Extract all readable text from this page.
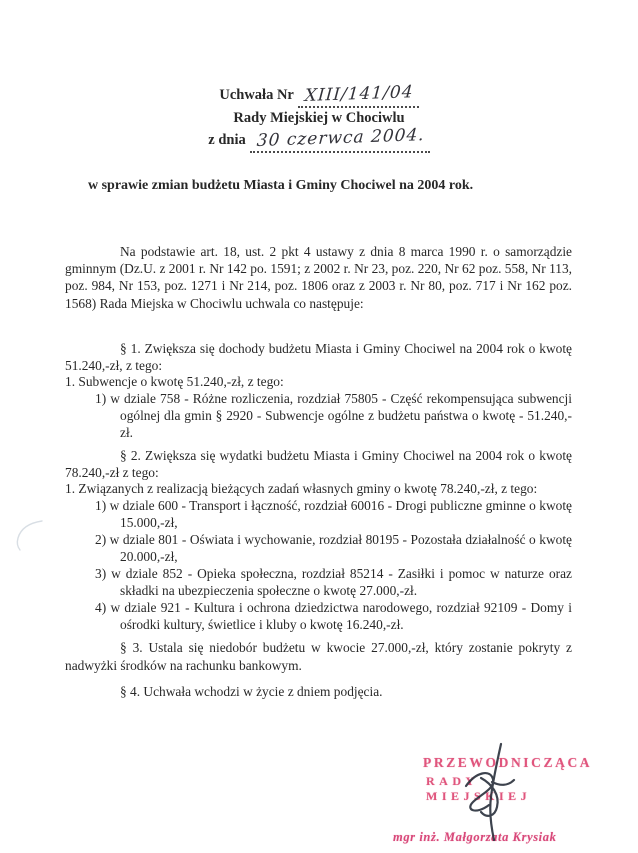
Uchwała Nr XIII/141/04
Rady Miejskiej w Chociwlu
z dnia 30 czerwca 2004.
w sprawie zmian budżetu Miasta i Gminy Chociwel na 2004 rok.

Na podstawie art. 18, ust. 2 pkt 4 ustawy z dnia 8 marca 1990 r. o samorządzie gminnym (Dz.U. z 2001 r. Nr 142 po. 1591; z 2002 r. Nr 23, poz. 220, Nr 62 poz. 558, Nr 113, poz. 984, Nr 153, poz. 1271 i Nr 214, poz. 1806 oraz z 2003 r. Nr 80, poz. 717 i Nr 162 poz. 1568) Rada Miejska w Chociwlu uchwala co następuje:

§ 1. Zwiększa się dochody budżetu Miasta i Gminy Chociwel na 2004 rok o kwotę 51.240,-zł, z tego:

1. Subwencje o kwotę 51.240,-zł, z tego:

1) w dziale 758 - Różne rozliczenia, rozdział 75805 - Część rekompensująca subwencji ogólnej dla gmin § 2920 - Subwencje ogólne z budżetu państwa o kwotę - 51.240,-zł.

§ 2. Zwiększa się wydatki budżetu Miasta i Gminy Chociwel na 2004 rok o kwotę 78.240,-zł z tego:

1. Związanych z realizacją bieżących zadań własnych gminy o kwotę 78.240,-zł, z tego:

1) w dziale 600 - Transport i łączność, rozdział 60016 - Drogi publiczne gminne o kwotę 15.000,-zł,

2) w dziale 801 - Oświata i wychowanie, rozdział 80195 - Pozostała działalność o kwotę 20.000,-zł,

3) w dziale 852 - Opieka społeczna, rozdział 85214 - Zasiłki i pomoc w naturze oraz składki na ubezpieczenia społeczne o kwotę 27.000,-zł.

4) w dziale 921 - Kultura i ochrona dziedzictwa narodowego, rozdział 92109 - Domy i ośrodki kultury, świetlice i kluby o kwotę 16.240,-zł.

§ 3. Ustala się niedobór budżetu w kwocie 27.000,-zł, który zostanie pokryty z nadwyżki środków na rachunku bankowym.

§ 4. Uchwała wchodzi w życie z dniem podjęcia.

PRZEWODNICZĄCA
RADY MIEJSKIEJ
mgr inż. Małgorzata Krysiak
